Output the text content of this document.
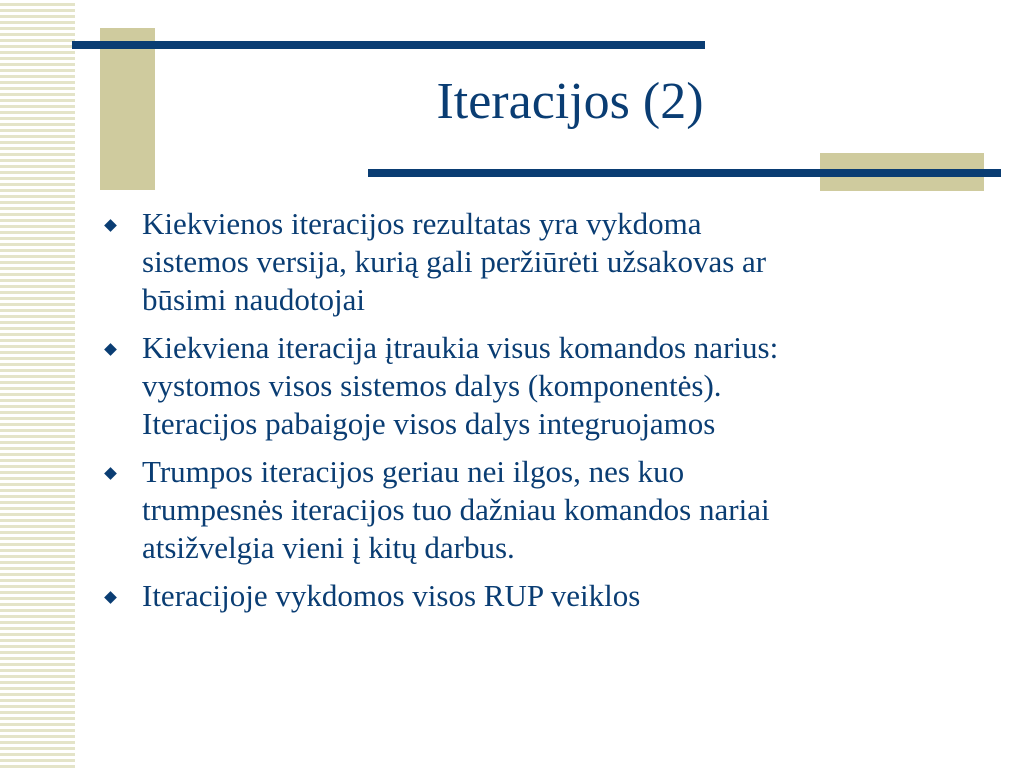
Iteracijos (2)
Kiekvienos iteracijos rezultatas yra vykdoma
sistemos versija, kurią gali peržiūrėti užsakovas ar
būsimi naudotojai
Kiekviena iteracija įtraukia visus komandos narius:
vystomos visos sistemos dalys (komponentės).
Iteracijos pabaigoje visos dalys integruojamos
Trumpos iteracijos geriau nei ilgos, nes kuo
trumpesnės iteracijos tuo dažniau komandos nariai
atsižvelgia vieni į kitų darbus.
Iteracijoje vykdomos visos RUP veiklos
